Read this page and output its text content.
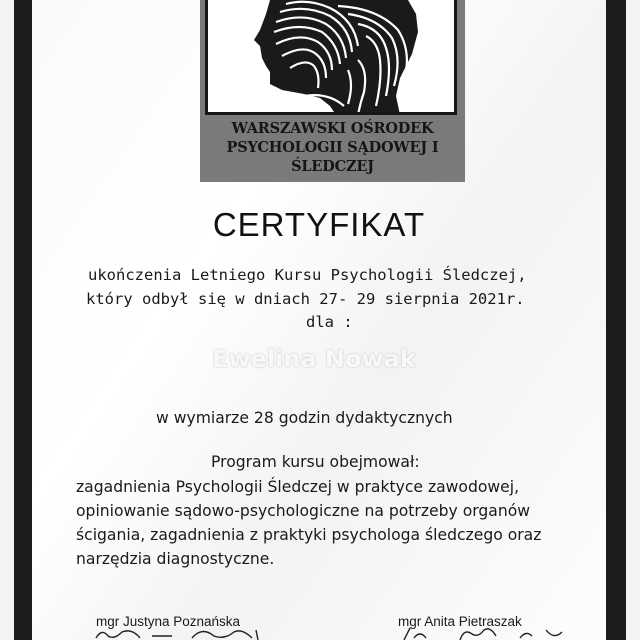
WARSZAWSKI OŚRODEK
PSYCHOLOGII SĄDOWEJ I
ŚLEDCZEJ
CERTYFIKAT
ukończenia Letniego Kursu Psychologii Śledczej,
który odbył się w dniach 27- 29 sierpnia 2021r.
dla :
Ewelina Nowak
w wymiarze 28 godzin dydaktycznych
Program kursu obejmował:
zagadnienia Psychologii Śledczej w praktyce zawodowej,
opiniowanie sądowo-psychologiczne na potrzeby organów
ścigania, zagadnienia z praktyki psychologa śledczego oraz
narzędzia diagnostyczne.
mgr Justyna Poznańska	mgr Anita Pietraszak
